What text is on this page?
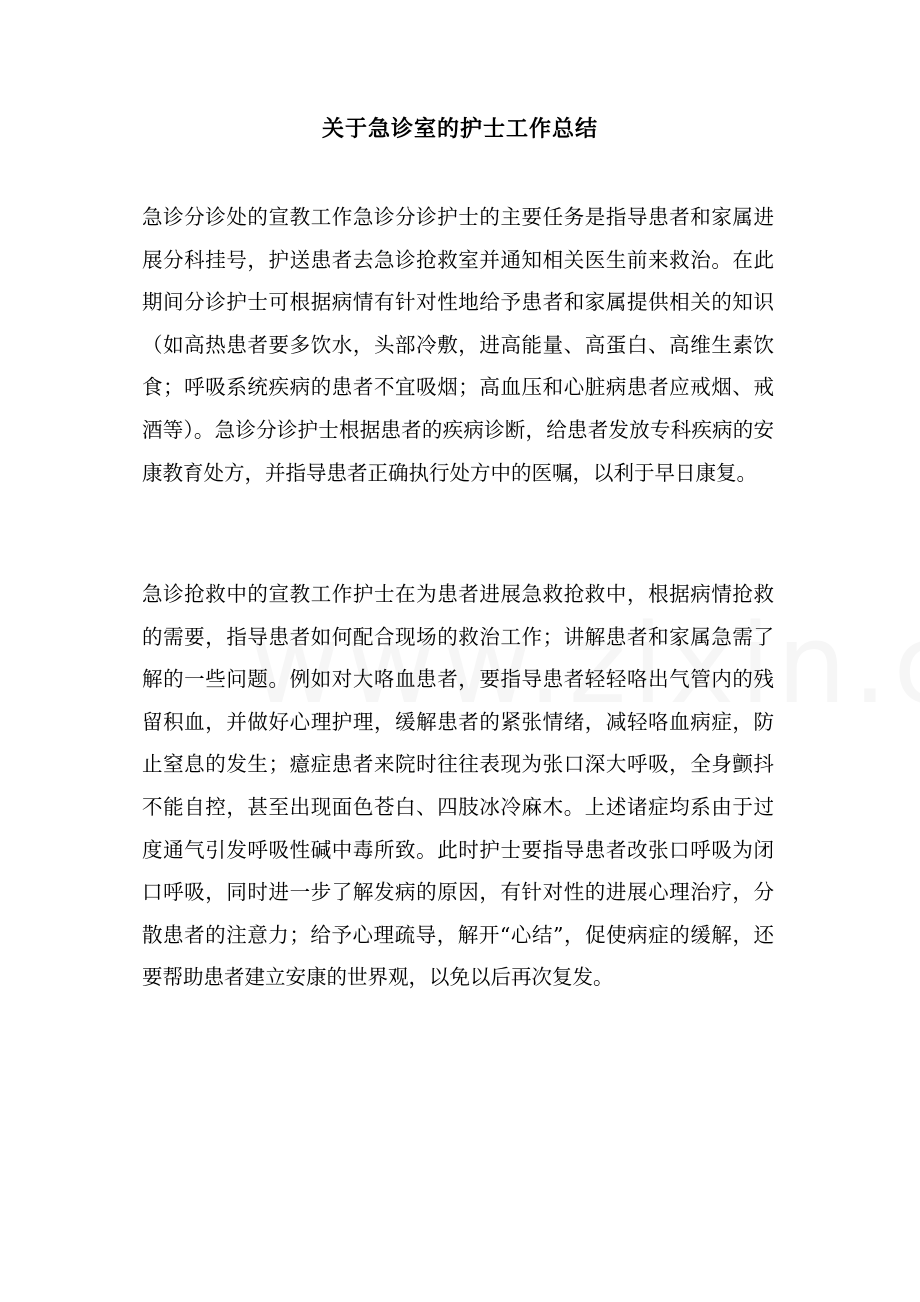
关于急诊室的护士工作总结
急诊分诊处的宣教工作急诊分诊护士的主要任务是指导患者和家属进展分科挂号，护送患者去急诊抢救室并通知相关医生前来救治。在此期间分诊护士可根据病情有针对性地给予患者和家属提供相关的知识（如高热患者要多饮水，头部冷敷，进高能量、高蛋白、高维生素饮食；呼吸系统疾病的患者不宜吸烟；高血压和心脏病患者应戒烟、戒酒等）。急诊分诊护士根据患者的疾病诊断，给患者发放专科疾病的安康教育处方，并指导患者正确执行处方中的医嘱，以利于早日康复。
急诊抢救中的宣教工作护士在为患者进展急救抢救中，根据病情抢救的需要，指导患者如何配合现场的救治工作；讲解患者和家属急需了解的一些问题。例如对大咯血患者，要指导患者轻轻咯出气管内的残留积血，并做好心理护理，缓解患者的紧张情绪，减轻咯血病症，防止窒息的发生；癔症患者来院时往往表现为张口深大呼吸，全身颤抖不能自控，甚至出现面色苍白、四肢冰冷麻木。上述诸症均系由于过度通气引发呼吸性碱中毒所致。此时护士要指导患者改张口呼吸为闭口呼吸，同时进一步了解发病的原因，有针对性的进展心理治疗，分散患者的注意力；给予心理疏导，解开“心结”，促使病症的缓解，还要帮助患者建立安康的世界观，以免以后再次复发。
